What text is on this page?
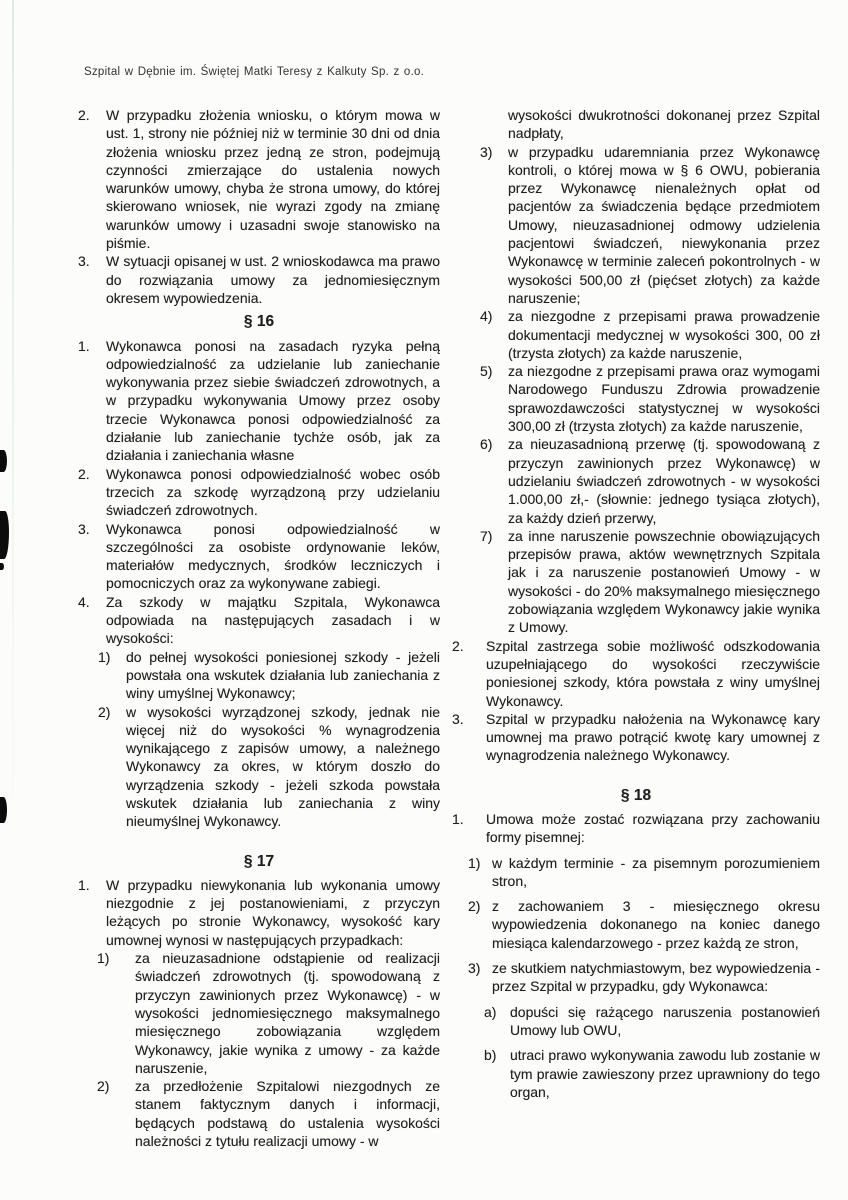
Szpital w Dębnie im. Świętej Matki Teresy z Kalkuty Sp. z o.o.
2.	W przypadku złożenia wniosku, o którym mowa w ust. 1, strony nie później niż w terminie 30 dni od dnia złożenia wniosku przez jedną ze stron, podejmują czynności zmierzające do ustalenia nowych warunków umowy, chyba że strona umowy, do której skierowano wniosek, nie wyrazi zgody na zmianę warunków umowy i uzasadni swoje stanowisko na piśmie.
3.	W sytuacji opisanej w ust. 2 wnioskodawca ma prawo do rozwiązania umowy za jednomiesięcznym okresem wypowiedzenia.
§ 16
1.	Wykonawca ponosi na zasadach ryzyka pełną odpowiedzialność za udzielanie lub zaniechanie wykonywania przez siebie świadczeń zdrowotnych, a w przypadku wykonywania Umowy przez osoby trzecie Wykonawca ponosi odpowiedzialność za działanie lub zaniechanie tychże osób, jak za działania i zaniechania własne
2.	Wykonawca ponosi odpowiedzialność wobec osób trzecich za szkodę wyrządzoną przy udzielaniu świadczeń zdrowotnych.
3.	Wykonawca ponosi odpowiedzialność w szczególności za osobiste ordynowanie leków, materiałów medycznych, środków leczniczych i pomocniczych oraz za wykonywane zabiegi.
4.	Za szkody w majątku Szpitala, Wykonawca odpowiada na następujących zasadach i w wysokości:
1)	do pełnej wysokości poniesionej szkody - jeżeli powstała ona wskutek działania lub zaniechania z winy umyślnej Wykonawcy;
2)	w wysokości wyrządzonej szkody, jednak nie więcej niż do wysokości % wynagrodzenia wynikającego z zapisów umowy, a należnego Wykonawcy za okres, w którym doszło do wyrządzenia szkody - jeżeli szkoda powstała wskutek działania lub zaniechania z winy nieumyślnej Wykonawcy.
§ 17
1.	W przypadku niewykonania lub wykonania umowy niezgodnie z jej postanowieniami, z przyczyn leżących po stronie Wykonawcy, wysokość kary umownej wynosi w następujących przypadkach:
1)	za nieuzasadnione odstąpienie od realizacji świadczeń zdrowotnych (tj. spowodowaną z przyczyn zawinionych przez Wykonawcę) - w wysokości jednomiesięcznego maksymalnego miesięcznego zobowiązania względem Wykonawcy, jakie wynika z umowy - za każde naruszenie,
2)	za przedłożenie Szpitalowi niezgodnych ze stanem faktycznym danych i informacji, będących podstawą do ustalenia wysokości należności z tytułu realizacji umowy - w
wysokości dwukrotności dokonanej przez Szpital nadpłaty,
3)	w przypadku udaremniania przez Wykonawcę kontroli, o której mowa w § 6 OWU, pobierania przez Wykonawcę nienależnych opłat od pacjentów za świadczenia będące przedmiotem Umowy, nieuzasadnionej odmowy udzielenia pacjentowi świadczeń, niewykonania przez Wykonawcę w terminie zaleceń pokontrolnych - w wysokości 500,00 zł (pięćset złotych) za każde naruszenie;
4)	za niezgodne z przepisami prawa prowadzenie dokumentacji medycznej w wysokości 300, 00 zł (trzysta złotych) za każde naruszenie,
5)	za niezgodne z przepisami prawa oraz wymogami Narodowego Funduszu Zdrowia prowadzenie sprawozdawczości statystycznej w wysokości 300,00 zł (trzysta złotych) za każde naruszenie,
6)	za nieuzasadnioną przerwę (tj. spowodowaną z przyczyn zawinionych przez Wykonawcę) w udzielaniu świadczeń zdrowotnych - w wysokości 1.000,00 zł,- (słownie: jednego tysiąca złotych), za każdy dzień przerwy,
7)	za inne naruszenie powszechnie obowiązujących przepisów prawa, aktów wewnętrznych Szpitala jak i za naruszenie postanowień Umowy - w wysokości - do 20% maksymalnego miesięcznego zobowiązania względem Wykonawcy jakie wynika z Umowy.
2.	Szpital zastrzega sobie możliwość odszkodowania uzupełniającego do wysokości rzeczywiście poniesionej szkody, która powstała z winy umyślnej Wykonawcy.
3.	Szpital w przypadku nałożenia na Wykonawcę kary umownej ma prawo potrącić kwotę kary umownej z wynagrodzenia należnego Wykonawcy.
§ 18
1.	Umowa może zostać rozwiązana przy zachowaniu formy pisemnej:
1) w każdym terminie - za pisemnym porozumieniem stron,
2) z zachowaniem 3 - miesięcznego okresu wypowiedzenia dokonanego na koniec danego miesiąca kalendarzowego - przez każdą ze stron,
3) ze skutkiem natychmiastowym, bez wypowiedzenia - przez Szpital w przypadku, gdy Wykonawca:
a) dopuści się rażącego naruszenia postanowień Umowy lub OWU,
b) utraci prawo wykonywania zawodu lub zostanie w tym prawie zawieszony przez uprawniony do tego organ,
